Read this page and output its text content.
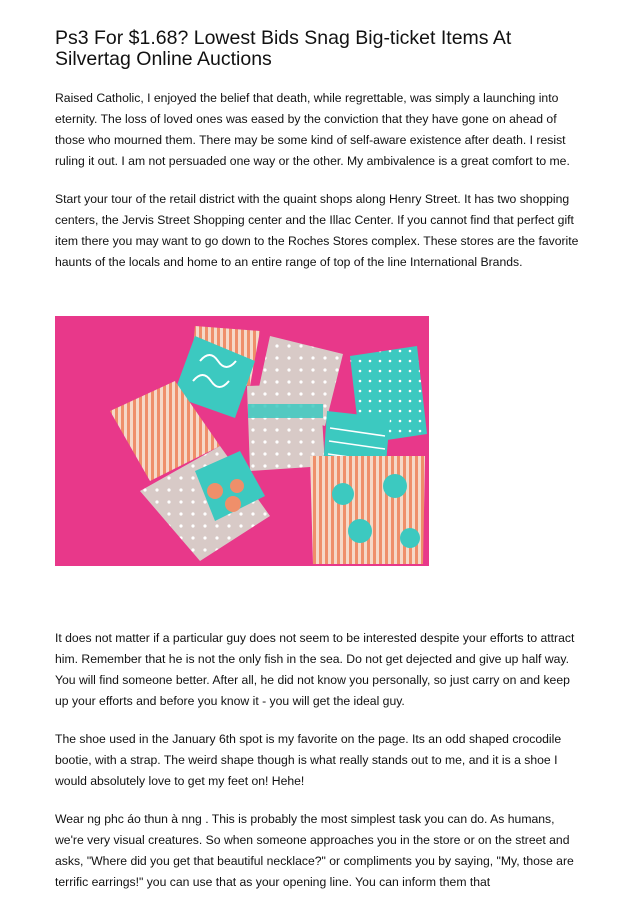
Ps3 For $1.68? Lowest Bids Snag Big-ticket Items At Silvertag Online Auctions

Raised Catholic, I enjoyed the belief that death, while regrettable, was simply a launching into eternity. The loss of loved ones was eased by the conviction that they have gone on ahead of those who mourned them. There may be some kind of self-aware existence after death. I resist ruling it out. I am not persuaded one way or the other. My ambivalence is a great comfort to me.

Start your tour of the retail district with the quaint shops along Henry Street. It has two shopping centers, the Jervis Street Shopping center and the Illac Center. If you cannot find that perfect gift item there you may want to go down to the Roches Stores complex. These stores are the favorite haunts of the locals and home to an entire range of top of the line International Brands.

It does not matter if a particular guy does not seem to be interested despite your efforts to attract him. Remember that he is not the only fish in the sea. Do not get dejected and give up half way. You will find someone better. After all, he did not know you personally, so just carry on and keep up your efforts and before you know it - you will get the ideal guy.

The shoe used in the January 6th spot is my favorite on the page. Its an odd shaped crocodile bootie, with a strap. The weird shape though is what really stands out to me, and it is a shoe I would absolutely love to get my feet on! Hehe!

Wear ng phc áo thun à nng . This is probably the most simplest task you can do. As humans, we're very visual creatures. So when someone approaches you in the store or on the street and asks, "Where did you get that beautiful necklace?" or compliments you by saying, "My, those are terrific earrings!" you can use that as your opening line. You can inform them that
